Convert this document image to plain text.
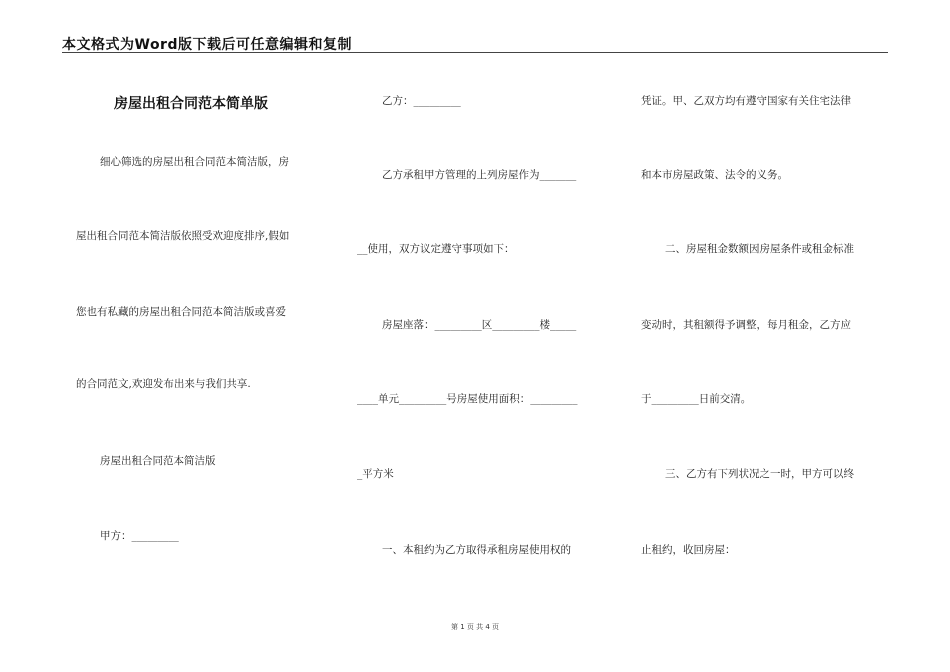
本文格式为Word版下载后可任意编辑和复制
房屋出租合同范本简单版
细心筛选的房屋出租合同范本简洁版，房
屋出租合同范本简洁版依照受欢迎度排序,假如
您也有私藏的房屋出租合同范本简洁版或喜爱
的合同范文,欢迎发布出来与我们共享.
房屋出租合同范本简洁版
甲方：_________
乙方：_________
乙方承租甲方管理的上列房屋作为_______
__使用，双方议定遵守事项如下：
房屋座落：_________区_________楼_____
____单元_________号房屋使用面积：_________
_平方米
一、本租约为乙方取得承租房屋使用权的
凭证。甲、乙双方均有遵守国家有关住宅法律
和本市房屋政策、法令的义务。
二、房屋租金数额因房屋条件或租金标准
变动时，其租额得予调整，每月租金，乙方应
于_________日前交清。
三、乙方有下列状况之一时，甲方可以终
止租约，收回房屋：
第 1 页 共 4 页
